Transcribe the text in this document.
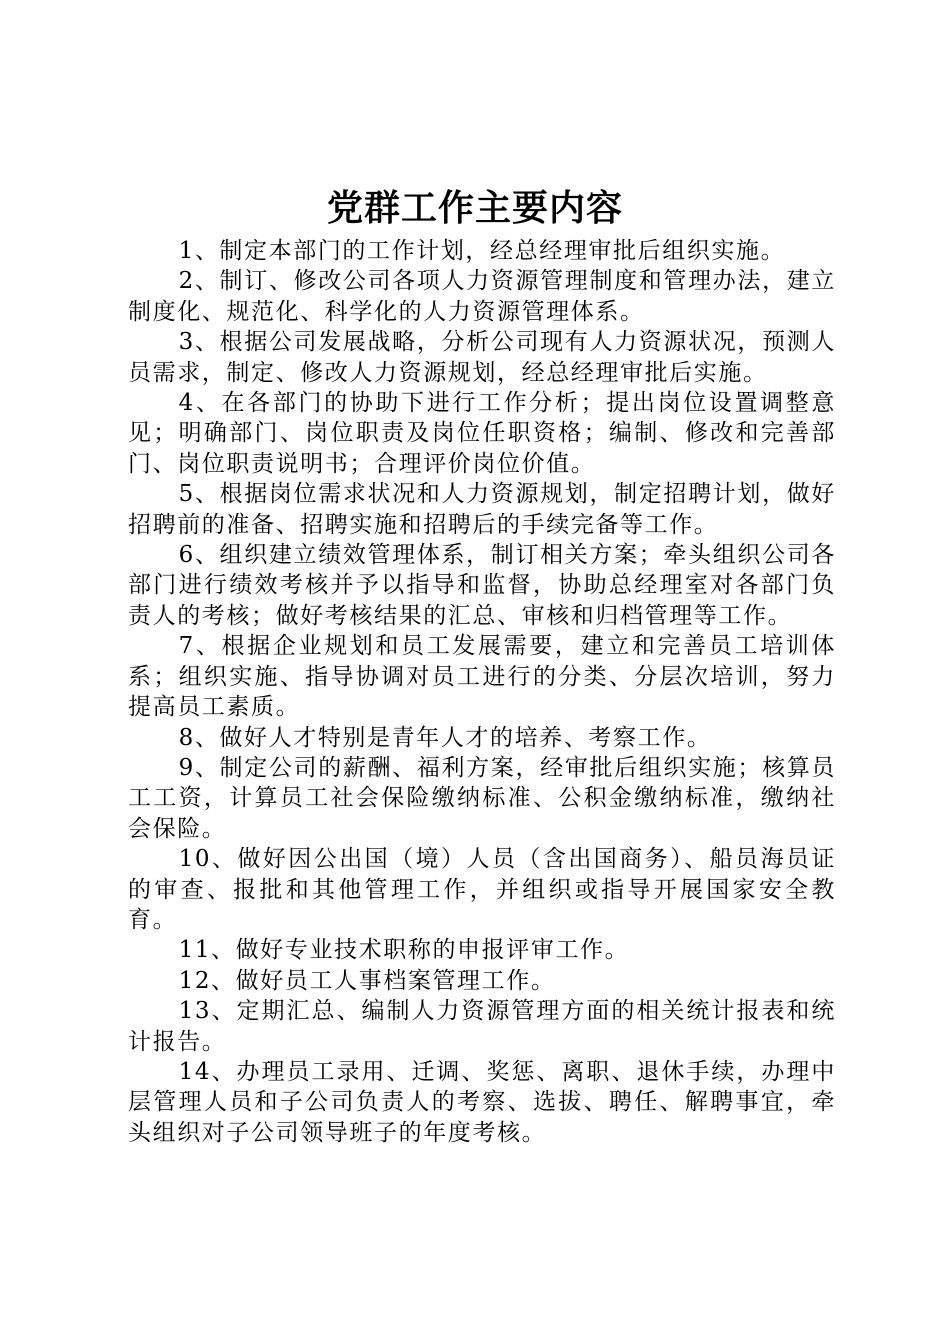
党群工作主要内容
1、制定本部门的工作计划，经总经理审批后组织实施。
2、制订、修改公司各项人力资源管理制度和管理办法，建立制度化、规范化、科学化的人力资源管理体系。
3、根据公司发展战略，分析公司现有人力资源状况，预测人员需求，制定、修改人力资源规划，经总经理审批后实施。
4、在各部门的协助下进行工作分析；提出岗位设置调整意见；明确部门、岗位职责及岗位任职资格；编制、修改和完善部门、岗位职责说明书；合理评价岗位价值。
5、根据岗位需求状况和人力资源规划，制定招聘计划，做好招聘前的准备、招聘实施和招聘后的手续完备等工作。
6、组织建立绩效管理体系，制订相关方案；牵头组织公司各部门进行绩效考核并予以指导和监督，协助总经理室对各部门负责人的考核；做好考核结果的汇总、审核和归档管理等工作。
7、根据企业规划和员工发展需要，建立和完善员工培训体系；组织实施、指导协调对员工进行的分类、分层次培训，努力提高员工素质。
8、做好人才特别是青年人才的培养、考察工作。
9、制定公司的薪酬、福利方案，经审批后组织实施；核算员工工资，计算员工社会保险缴纳标准、公积金缴纳标准，缴纳社会保险。
10、做好因公出国（境）人员（含出国商务）、船员海员证的审查、报批和其他管理工作，并组织或指导开展国家安全教育。
11、做好专业技术职称的申报评审工作。
12、做好员工人事档案管理工作。
13、定期汇总、编制人力资源管理方面的相关统计报表和统计报告。
14、办理员工录用、迁调、奖惩、离职、退休手续，办理中层管理人员和子公司负责人的考察、选拔、聘任、解聘事宜，牵头组织对子公司领导班子的年度考核。
